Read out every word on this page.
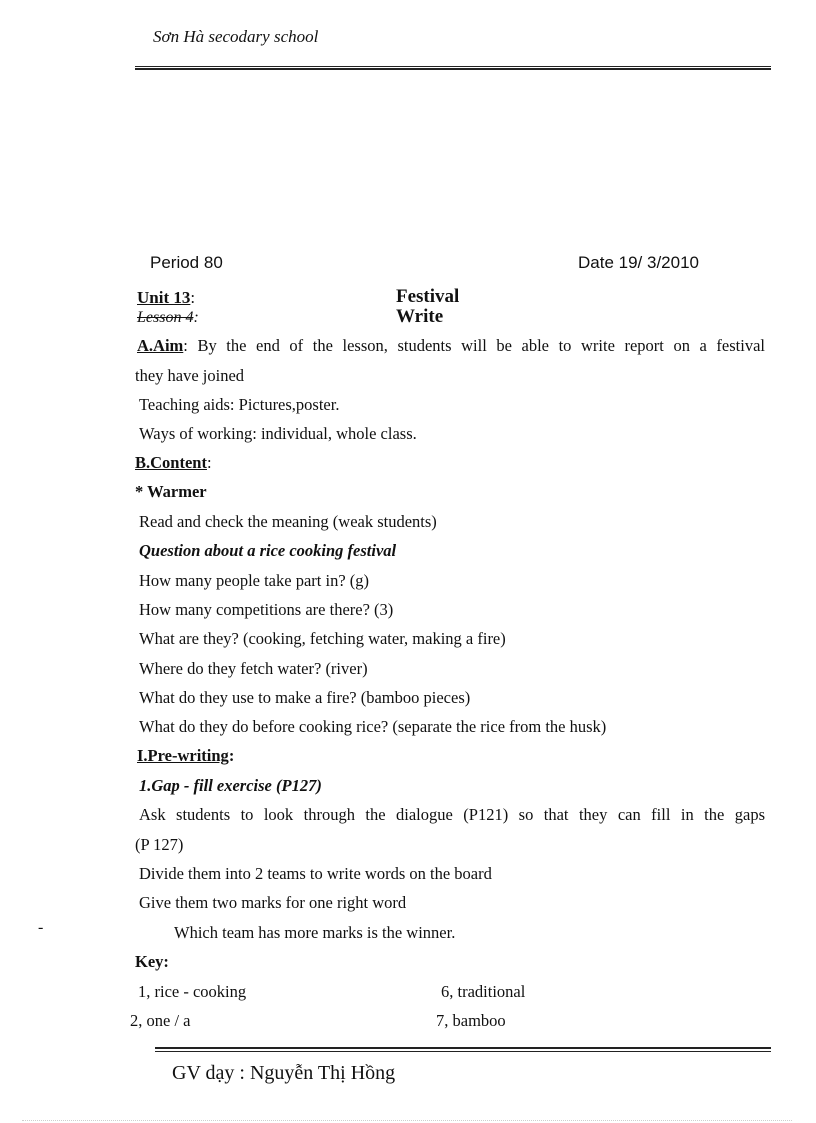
Sơn Hà secodary school
Period 80	Date 19/ 3/2010
Unit 13:	Festival
Lesson 4:	Write
A.Aim: By the end of the lesson, students will be able to write report on a festival
they have joined
Teaching aids: Pictures,poster.
Ways of working: individual, whole class.
B.Content:
* Warmer
Read and check the meaning (weak students)
Question about a rice cooking festival
How many people take part in? (g)
How many competitions are there? (3)
What are they? (cooking, fetching water, making a fire)
Where do they fetch water? (river)
What do they use to make a fire? (bamboo pieces)
What do they do before cooking rice? (separate the rice from the husk)
I.Pre-writing:
1.Gap - fill exercise (P127)
Ask students to look through the dialogue (P121) so that they can fill in the gaps
(P 127)
Divide them into 2 teams to write words on the board
Give them two marks for one right word
-	Which team has more marks is the winner.
Key:
1, rice - cooking	6, traditional
2, one / a	7, bamboo
GV dạy : Nguyễn Thị Hồng
